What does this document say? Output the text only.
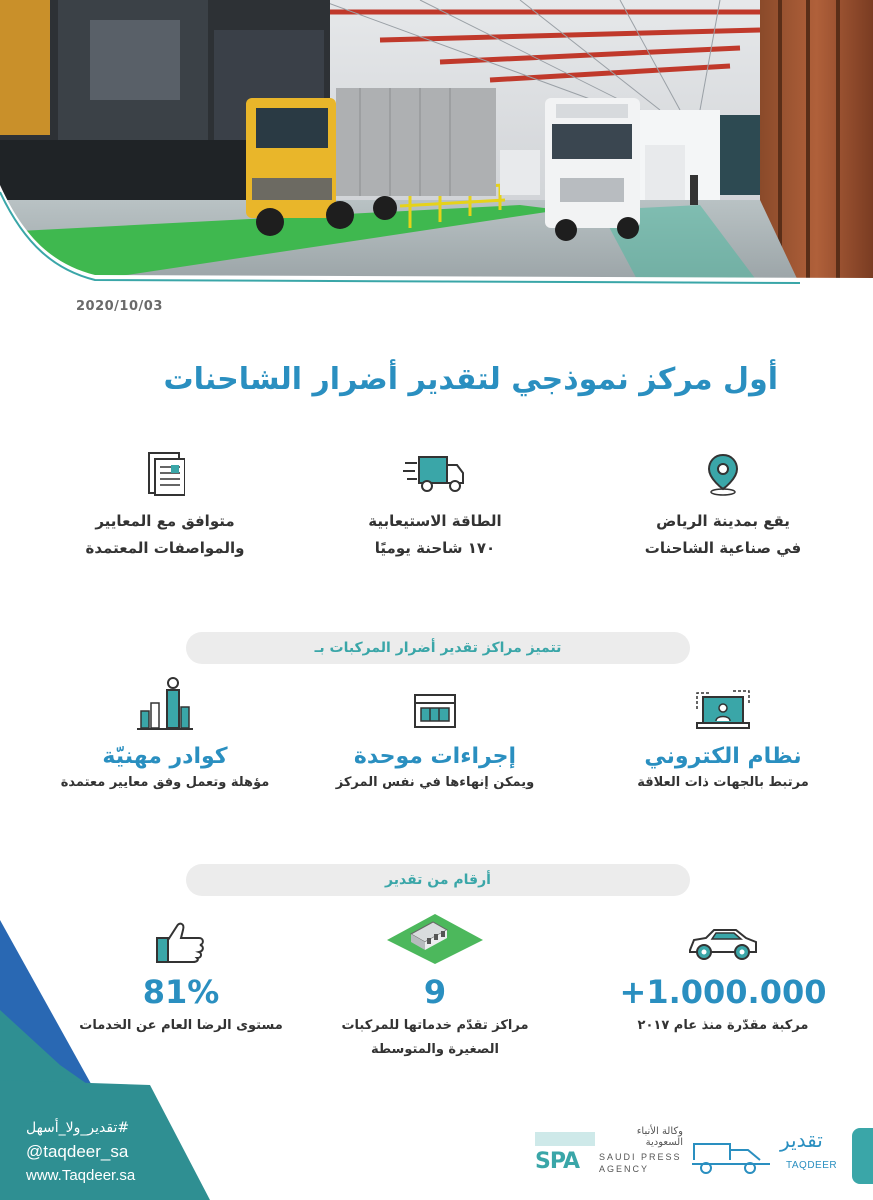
2020/10/03
أول مركز نموذجي لتقدير أضرار الشاحنات
يقع بمدينة الرياض
في صناعية الشاحنات
الطاقة الاستيعابية
١٧٠ شاحنة يوميًا
متوافق مع المعايير
والمواصفات المعتمدة
تتميز مراكز تقدير أضرار المركبات بـ
نظام الكتروني
مرتبط بالجهات ذات العلاقة
إجراءات موحدة
ويمكن إنهاءها في نفس المركز
كوادر مهنيّة
مؤهلة وتعمل وفق معايير معتمدة
أرقام من تقدير
+1.000.000
مركبة مقدّرة منذ عام ٢٠١٧
9
مراكز تقدّم خدماتها للمركبات
الصغيرة والمتوسطة
81%
مستوى الرضا العام عن الخدمات
#تقدير_ولا_أسهل
@taqdeer_sa
www.Taqdeer.sa
SPA
وكالة الأنباء السعودية
SAUDI PRESS
AGENCY
تقدير
TAQDEER
